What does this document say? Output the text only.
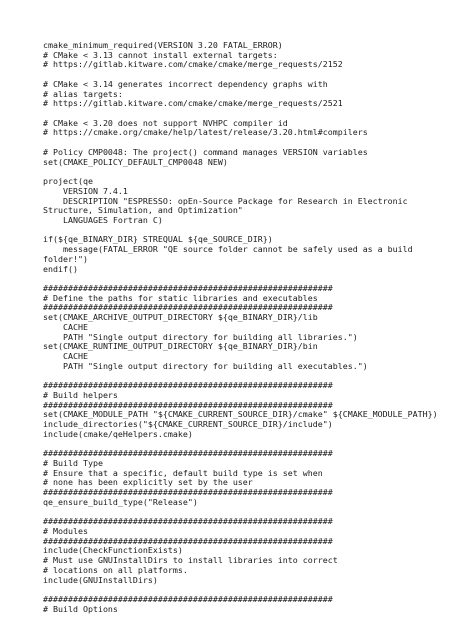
cmake_minimum_required(VERSION 3.20 FATAL_ERROR)
# CMake < 3.13 cannot install external targets:
# https://gitlab.kitware.com/cmake/cmake/merge_requests/2152
# CMake < 3.14 generates incorrect dependency graphs with
# alias targets:
# https://gitlab.kitware.com/cmake/cmake/merge_requests/2521
# CMake < 3.20 does not support NVHPC compiler id
# https://cmake.org/cmake/help/latest/release/3.20.html#compilers
# Policy CMP0048: The project() command manages VERSION variables
set(CMAKE_POLICY_DEFAULT_CMP0048 NEW)
project(qe
VERSION 7.4.1
DESCRIPTION "ESPRESSO: opEn-Source Package for Research in Electronic
Structure, Simulation, and Optimization"
LANGUAGES Fortran C)
if(${qe_BINARY_DIR} STREQUAL ${qe_SOURCE_DIR})
message(FATAL_ERROR "QE source folder cannot be safely used as a build
folder!")
endif()
##########################################################
# Define the paths for static libraries and executables
##########################################################
set(CMAKE_ARCHIVE_OUTPUT_DIRECTORY ${qe_BINARY_DIR}/lib
CACHE
PATH "Single output directory for building all libraries.")
set(CMAKE_RUNTIME_OUTPUT_DIRECTORY ${qe_BINARY_DIR}/bin
CACHE
PATH "Single output directory for building all executables.")
##########################################################
# Build helpers
##########################################################
set(CMAKE_MODULE_PATH "${CMAKE_CURRENT_SOURCE_DIR}/cmake" ${CMAKE_MODULE_PATH})
include_directories("${CMAKE_CURRENT_SOURCE_DIR}/include")
include(cmake/qeHelpers.cmake)
##########################################################
# Build Type
# Ensure that a specific, default build type is set when
# none has been explicitly set by the user
##########################################################
qe_ensure_build_type("Release")
##########################################################
# Modules
##########################################################
include(CheckFunctionExists)
# Must use GNUInstallDirs to install libraries into correct
# locations on all platforms.
include(GNUInstallDirs)
##########################################################
# Build Options
